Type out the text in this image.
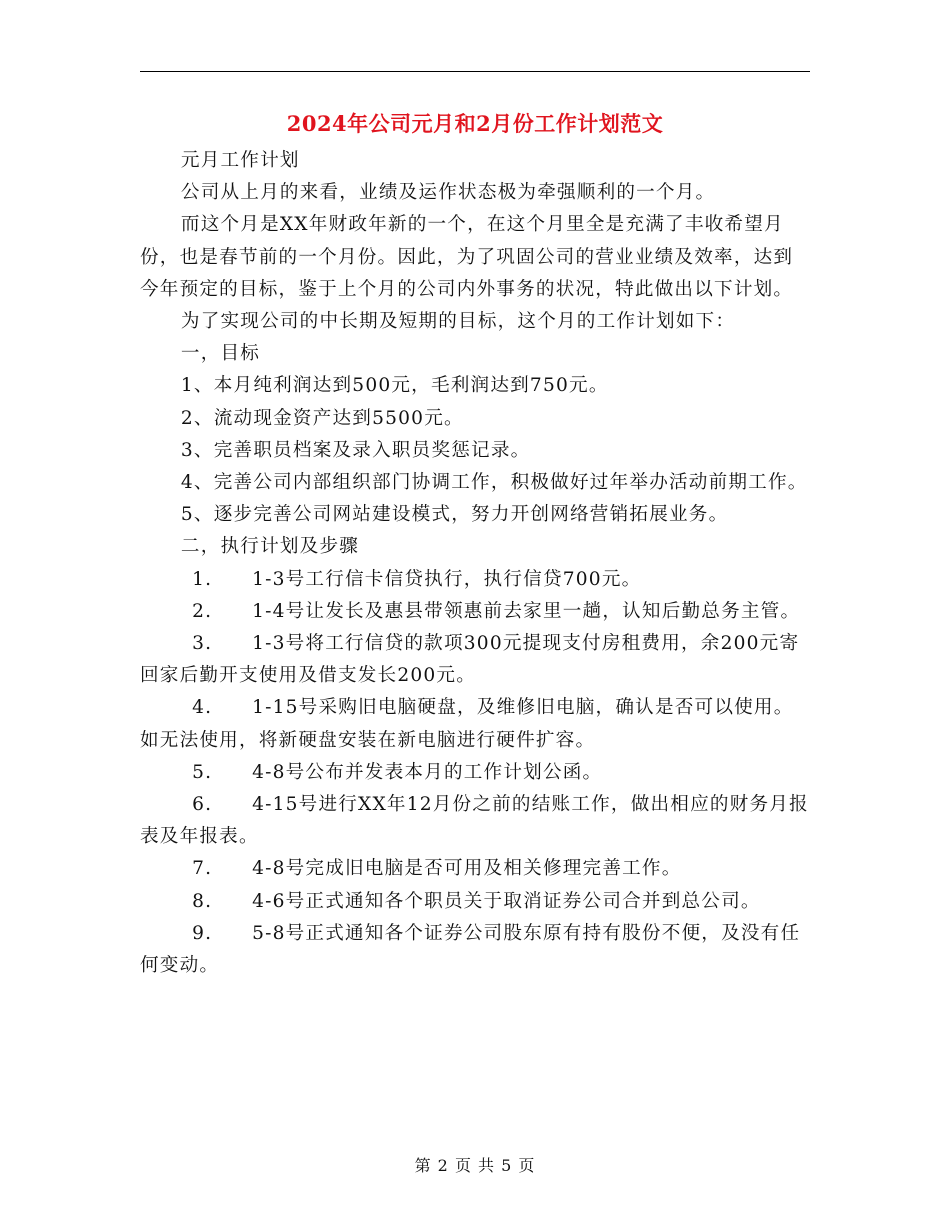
2024年公司元月和2月份工作计划范文

元月工作计划

公司从上月的来看，业绩及运作状态极为牵强顺利的一个月。

而这个月是XX年财政年新的一个，在这个月里全是充满了丰收希望月份，也是春节前的一个月份。因此，为了巩固公司的营业业绩及效率，达到今年预定的目标，鉴于上个月的公司内外事务的状况，特此做出以下计划。

为了实现公司的中长期及短期的目标，这个月的工作计划如下：

一，目标

1、本月纯利润达到500元，毛利润达到750元。

2、流动现金资产达到5500元。

3、完善职员档案及录入职员奖惩记录。

4、完善公司内部组织部门协调工作，积极做好过年举办活动前期工作。

5、逐步完善公司网站建设模式，努力开创网络营销拓展业务。

二，执行计划及步骤

1. 1-3号工行信卡信贷执行，执行信贷700元。

2. 1-4号让发长及惠县带领惠前去家里一趟，认知后勤总务主管。

3. 1-3号将工行信贷的款项300元提现支付房租费用，余200元寄回家后勤开支使用及借支发长200元。

4. 1-15号采购旧电脑硬盘，及维修旧电脑，确认是否可以使用。如无法使用，将新硬盘安装在新电脑进行硬件扩容。

5. 4-8号公布并发表本月的工作计划公函。

6. 4-15号进行XX年12月份之前的结账工作，做出相应的财务月报表及年报表。

7. 4-8号完成旧电脑是否可用及相关修理完善工作。

8. 4-6号正式通知各个职员关于取消证券公司合并到总公司。

9. 5-8号正式通知各个证券公司股东原有持有股份不便，及没有任何变动。

第 2 页 共 5 页
